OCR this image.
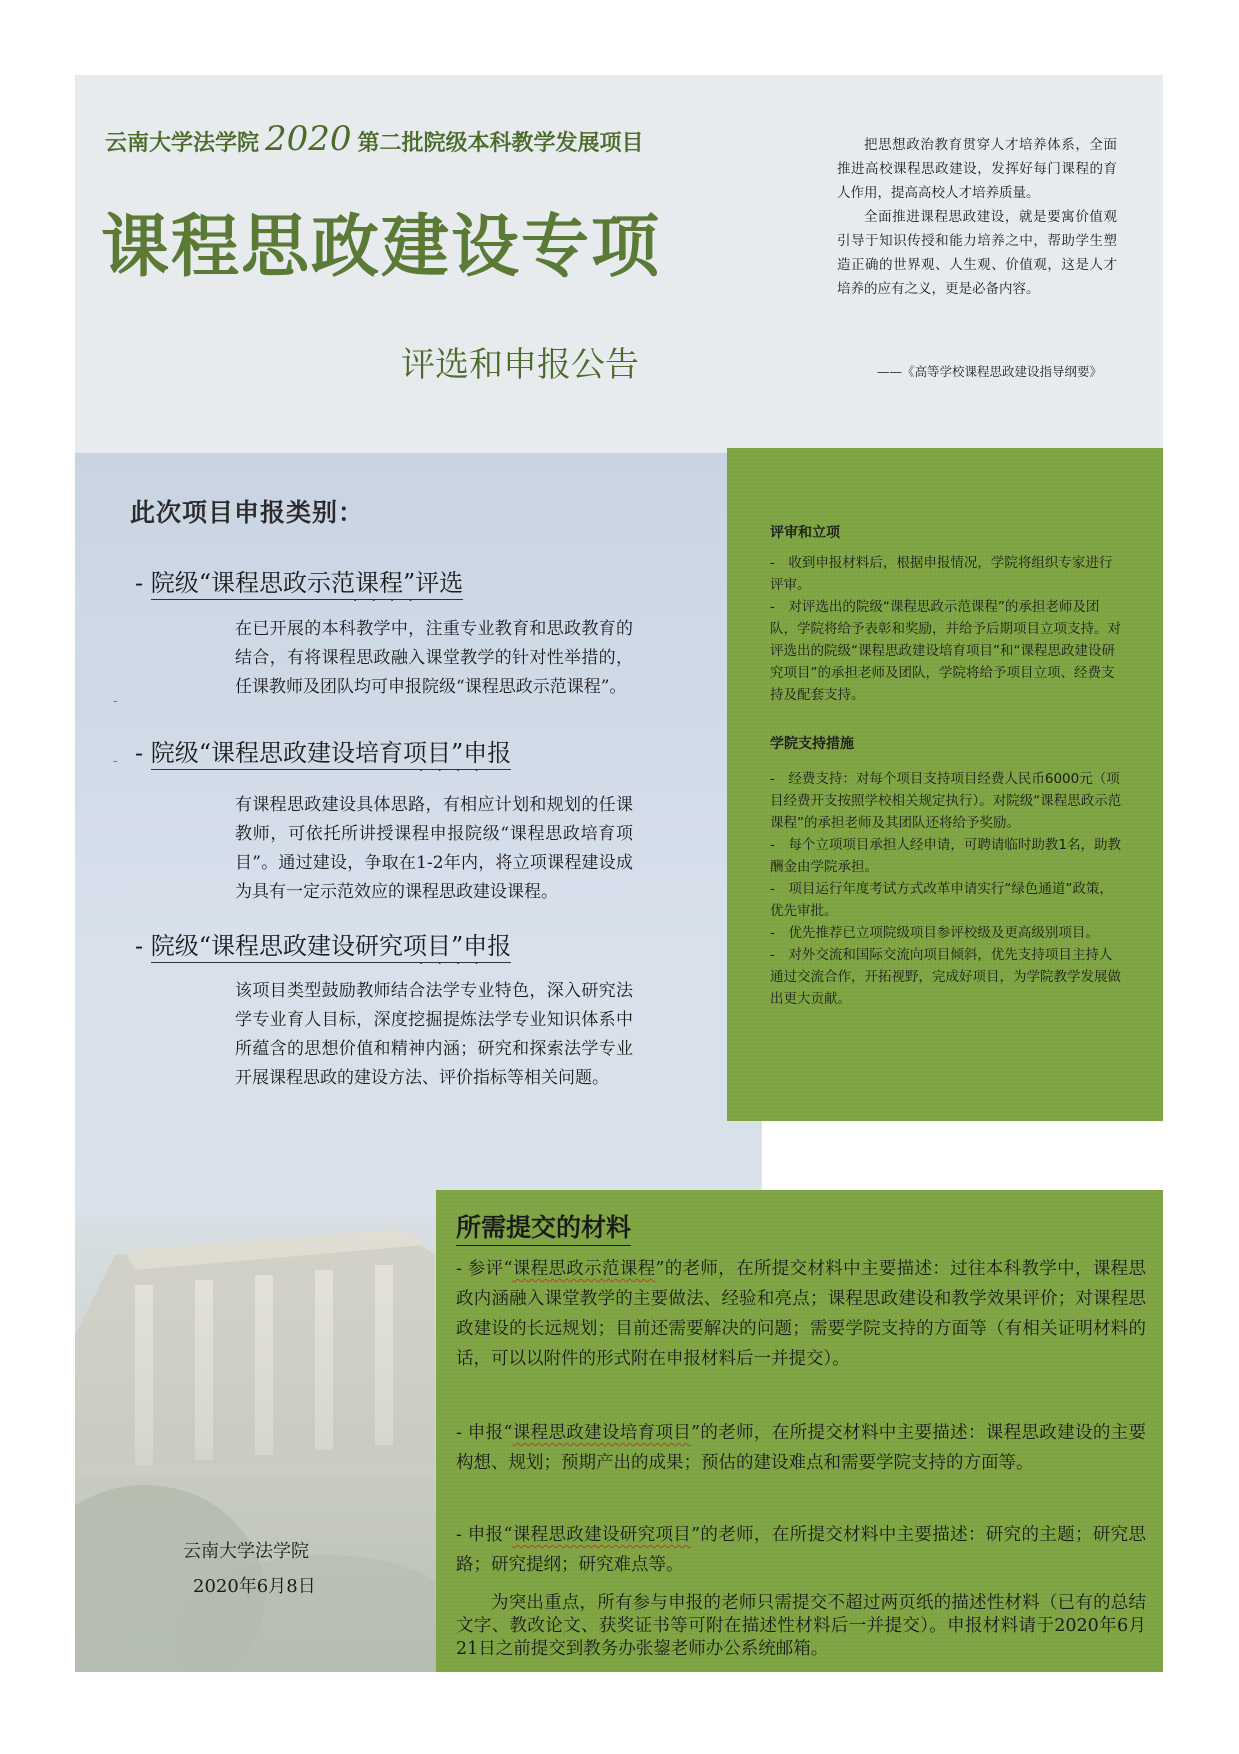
云南大学法学院 2020 第二批院级本科教学发展项目
课程思政建设专项
评选和申报公告

把思想政治教育贯穿人才培养体系，全面推进高校课程思政建设，发挥好每门课程的育人作用，提高高校人才培养质量。

全面推进课程思政建设，就是要寓价值观引导于知识传授和能力培养之中，帮助学生塑造正确的世界观、人生观、价值观，这是人才培养的应有之义，更是必备内容。

——《高等学校课程思政建设指导纲要》
此次项目申报类别：
- 院级“课程思政示范课程”评选
····
在已开展的本科教学中，注重专业教育和思政教育的结合，有将课程思政融入课堂教学的针对性举措的，任课教师及团队均可申报院级“课程思政示范课程”。
-
- - 院级“课程思政建设培育项目”申报
····
有课程思政建设具体思路，有相应计划和规划的任课教师，可依托所讲授课程申报院级“课程思政培育项目”。通过建设，争取在1-2年内，将立项课程建设成为具有一定示范效应的课程思政建设课程。
- 院级“课程思政建设研究项目”申报
····
该项目类型鼓励教师结合法学专业特色，深入研究法学专业育人目标，深度挖掘提炼法学专业知识体系中所蕴含的思想价值和精神内涵；研究和探索法学专业开展课程思政的建设方法、评价指标等相关问题。
评审和立项

-　收到申报材料后，根据申报情况，学院将组织专家进行评审。

-　对评选出的院级“课程思政示范课程”的承担老师及团队，学院将给予表彰和奖励，并给予后期项目立项支持。对评选出的院级“课程思政建设培育项目”和“课程思政建设研究项目”的承担老师及团队，学院将给予项目立项、经费支持及配套支持。

学院支持措施

-　经费支持：对每个项目支持项目经费人民币6000元（项目经费开支按照学校相关规定执行）。对院级“课程思政示范课程”的承担老师及其团队还将给予奖励。

-　每个立项项目承担人经申请，可聘请临时助教1名，助教酬金由学院承担。

-　项目运行年度考试方式改革申请实行“绿色通道”政策，优先审批。

-　优先推荐已立项院级项目参评校级及更高级别项目。

-　对外交流和国际交流向项目倾斜，优先支持项目主持人通过交流合作，开拓视野，完成好项目，为学院教学发展做出更大贡献。

所需提交的材料
- 参评“课程思政示范课程”的老师，在所提交材料中主要描述：过往本科教学中，课程思政内涵融入课堂教学的主要做法、经验和亮点；课程思政建设和教学效果评价；对课程思政建设的长远规划；目前还需要解决的问题；需要学院支持的方面等（有相关证明材料的话，可以以附件的形式附在申报材料后一并提交）。
- 申报“课程思政建设培育项目”的老师，在所提交材料中主要描述：课程思政建设的主要构想、规划；预期产出的成果；预估的建设难点和需要学院支持的方面等。
- 申报“课程思政建设研究项目”的老师，在所提交材料中主要描述：研究的主题；研究思路；研究提纲；研究难点等。
为突出重点，所有参与申报的老师只需提交不超过两页纸的描述性材料（已有的总结文字、教改论文、获奖证书等可附在描述性材料后一并提交）。申报材料请于2020年6月21日之前提交到教务办张鋆老师办公系统邮箱。
云南大学法学院
2020年6月8日
